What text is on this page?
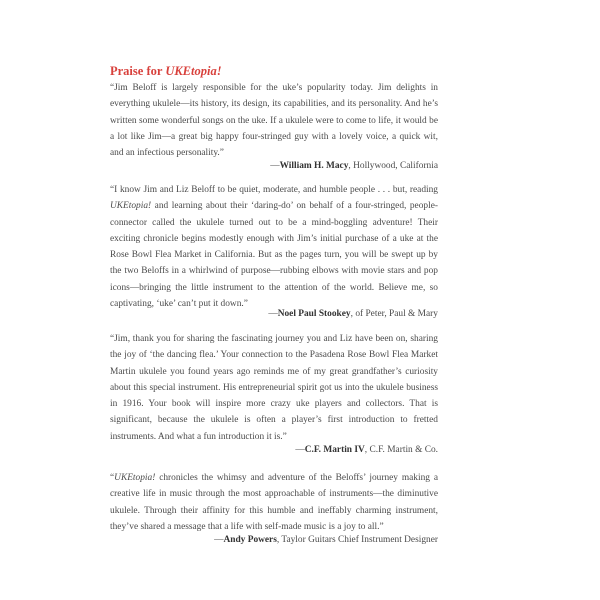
Praise for UKEtopia!

“Jim Beloff is largely responsible for the uke’s popularity today. Jim delights in everything ukulele—its history, its design, its capabilities, and its personality. And he’s written some wonderful songs on the uke. If a ukulele were to come to life, it would be a lot like Jim—a great big happy four-stringed guy with a lovely voice, a quick wit, and an infectious personality.”

—William H. Macy, Hollywood, California

“I know Jim and Liz Beloff to be quiet, moderate, and humble people . . . but, reading UKEtopia! and learning about their ‘daring-do’ on behalf of a four-stringed, people-connector called the ukulele turned out to be a mind-boggling adventure! Their exciting chronicle begins modestly enough with Jim’s initial purchase of a uke at the Rose Bowl Flea Market in California. But as the pages turn, you will be swept up by the two Beloffs in a whirlwind of purpose—rubbing elbows with movie stars and pop icons—bringing the little instrument to the attention of the world. Believe me, so captivating, ‘uke’ can’t put it down.”

—Noel Paul Stookey, of Peter, Paul & Mary

“Jim, thank you for sharing the fascinating journey you and Liz have been on, sharing the joy of ‘the dancing flea.’ Your connection to the Pasadena Rose Bowl Flea Market Martin ukulele you found years ago reminds me of my great grandfather’s curiosity about this special instrument. His entrepreneurial spirit got us into the ukulele business in 1916. Your book will inspire more crazy uke players and collectors. That is significant, because the ukulele is often a player’s first introduction to fretted instruments. And what a fun introduction it is.”

—C.F. Martin IV, C.F. Martin & Co.

“UKEtopia! chronicles the whimsy and adventure of the Beloffs’ journey making a creative life in music through the most approachable of instruments—the diminutive ukulele. Through their affinity for this humble and ineffably charming instrument, they’ve shared a message that a life with self-made music is a joy to all.”

—Andy Powers, Taylor Guitars Chief Instrument Designer
